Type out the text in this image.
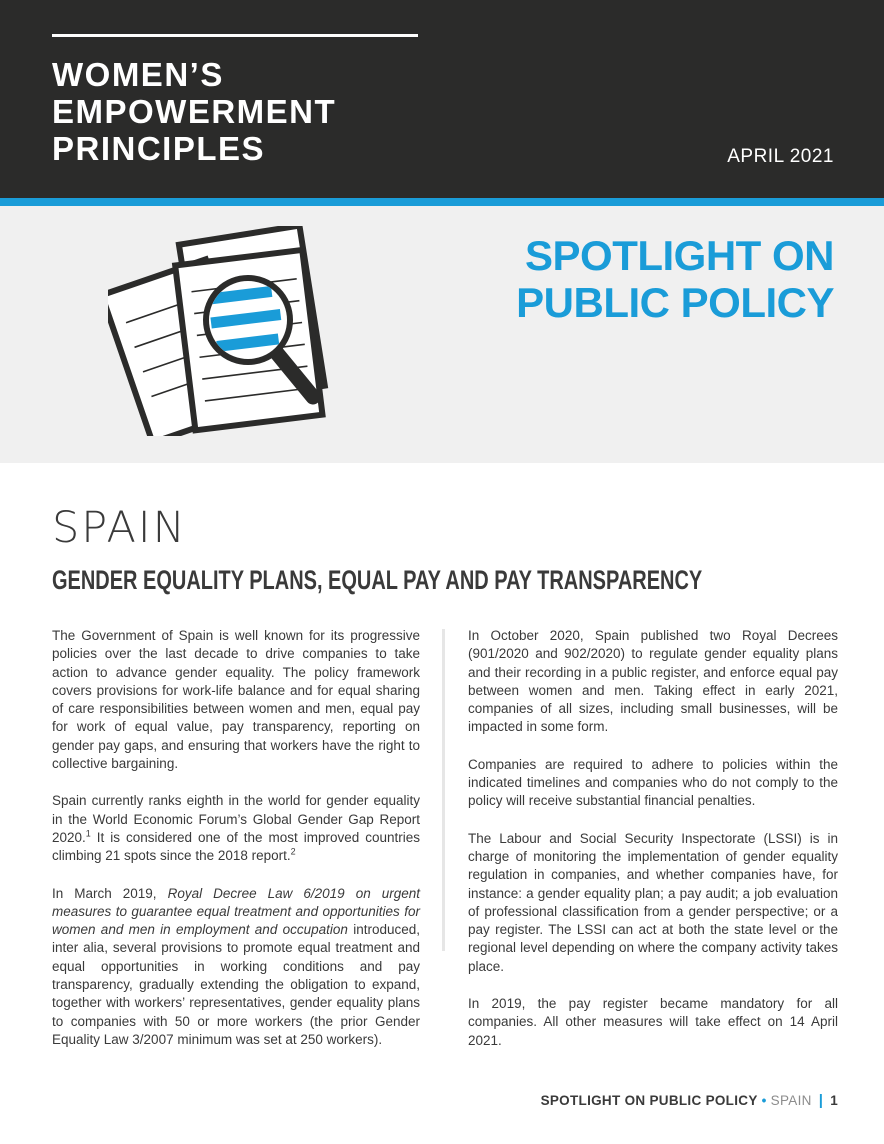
WOMEN’S
EMPOWERMENT
PRINCIPLES	APRIL 2021
SPOTLIGHT ON
PUBLIC POLICY
SPAIN
GENDER EQUALITY PLANS, EQUAL PAY AND PAY TRANSPARENCY

The Government of Spain is well known for its progressive policies over the last decade to drive companies to take action to advance gender equality. The policy framework covers provisions for work-life balance and for equal sharing of care responsibilities between women and men, equal pay for work of equal value, pay transparency, reporting on gender pay gaps, and ensuring that workers have the right to collective bargaining.

Spain currently ranks eighth in the world for gender equality in the World Economic Forum’s Global Gender Gap Report 2020.$^1$ It is considered one of the most improved countries climbing 21 spots since the 2018 report.$^2$

In March 2019, Royal Decree Law 6/2019 on urgent measures to guarantee equal treatment and opportunities for women and men in employment and occupation introduced, inter alia, several provisions to promote equal treatment and equal opportunities in working conditions and pay transparency, gradually extending the obligation to expand, together with workers’ representatives, gender equality plans to companies with 50 or more workers (the prior Gender Equality Law 3/2007 minimum was set at 250 workers).

In October 2020, Spain published two Royal Decrees (901/2020 and 902/2020) to regulate gender equality plans and their recording in a public register, and enforce equal pay between women and men. Taking effect in early 2021, companies of all sizes, including small businesses, will be impacted in some form.

Companies are required to adhere to policies within the indicated timelines and companies who do not comply to the policy will receive substantial financial penalties.

The Labour and Social Security Inspectorate (LSSI) is in charge of monitoring the implementation of gender equality regulation in companies, and whether companies have, for instance: a gender equality plan; a pay audit; a job evaluation of professional classification from a gender perspective; or a pay register. The LSSI can act at both the state level or the regional level depending on where the company activity takes place.

In 2019, the pay register became mandatory for all companies. All other measures will take effect on 14 April 2021.

SPOTLIGHT ON PUBLIC POLICY • SPAIN | 1
